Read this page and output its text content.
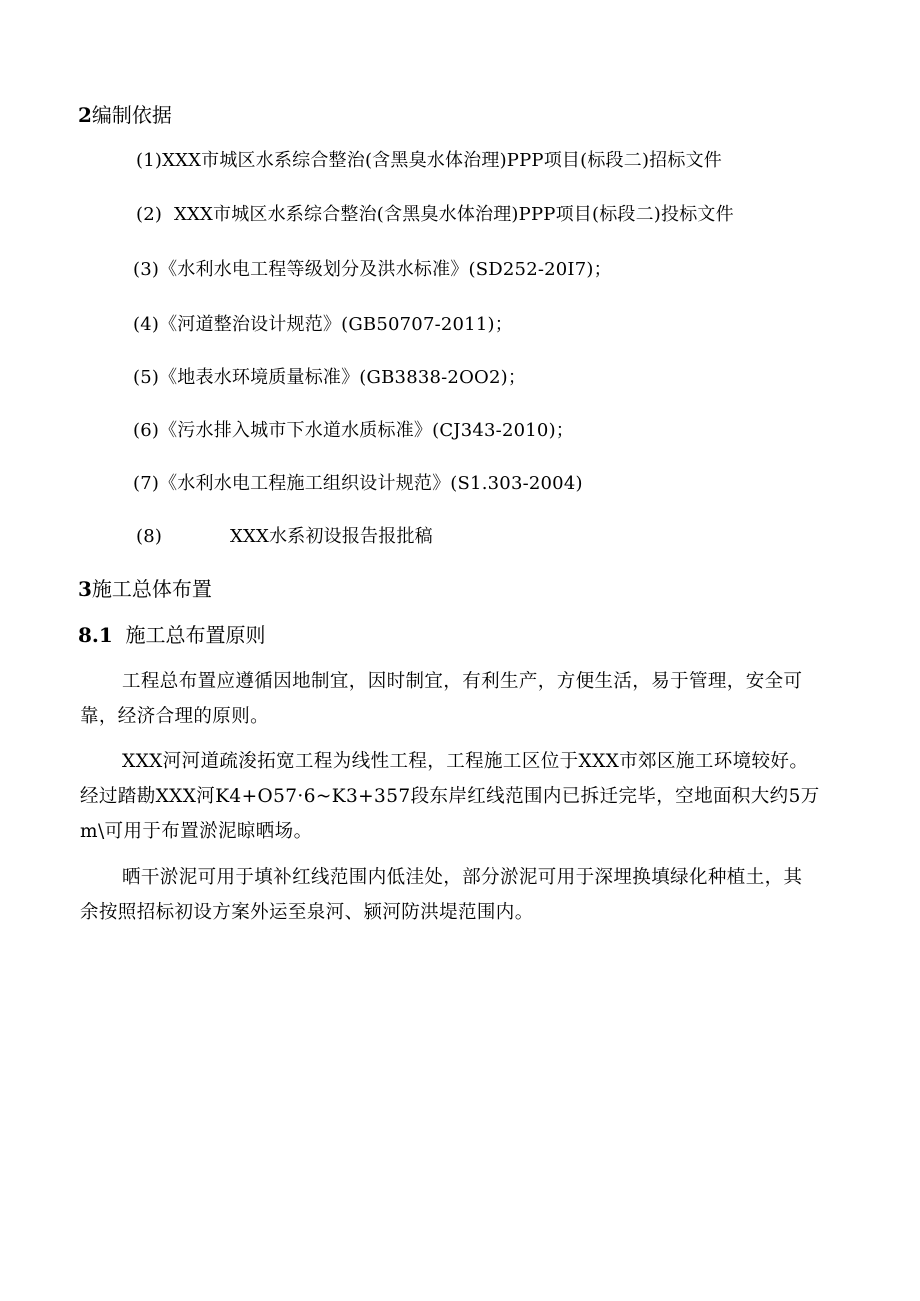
2编制依据
(1)XXX市城区水系综合整治(含黑臭水体治理)PPP项目(标段二)招标文件
(2) XXX市城区水系综合整治(含黑臭水体治理)PPP项目(标段二)投标文件
(3)《水利水电工程等级划分及洪水标准》(SD252-20I7)；
(4)《河道整治设计规范》(GB50707-2011)；
(5)《地表水环境质量标准》(GB3838-2OO2)；
(6)《污水排入城市下水道水质标准》(CJ343-2010)；
(7)《水利水电工程施工组织设计规范》(S1.303-2004)
(8)	XXX水系初设报告报批稿
3施工总体布置
8.1 施工总布置原则
工程总布置应遵循因地制宜，因时制宜，有利生产，方便生活，易于管理，安全可
靠，经济合理的原则。
XXX河河道疏浚拓宽工程为线性工程，工程施工区位于XXX市郊区施工环境较好。
经过踏勘XXX河K4+O57·6~K3+357段东岸红线范围内已拆迁完毕，空地面积大约5万
m\可用于布置淤泥晾晒场。
晒干淤泥可用于填补红线范围内低洼处，部分淤泥可用于深埋换填绿化种植土，其
余按照招标初设方案外运至泉河、颍河防洪堤范围内。
